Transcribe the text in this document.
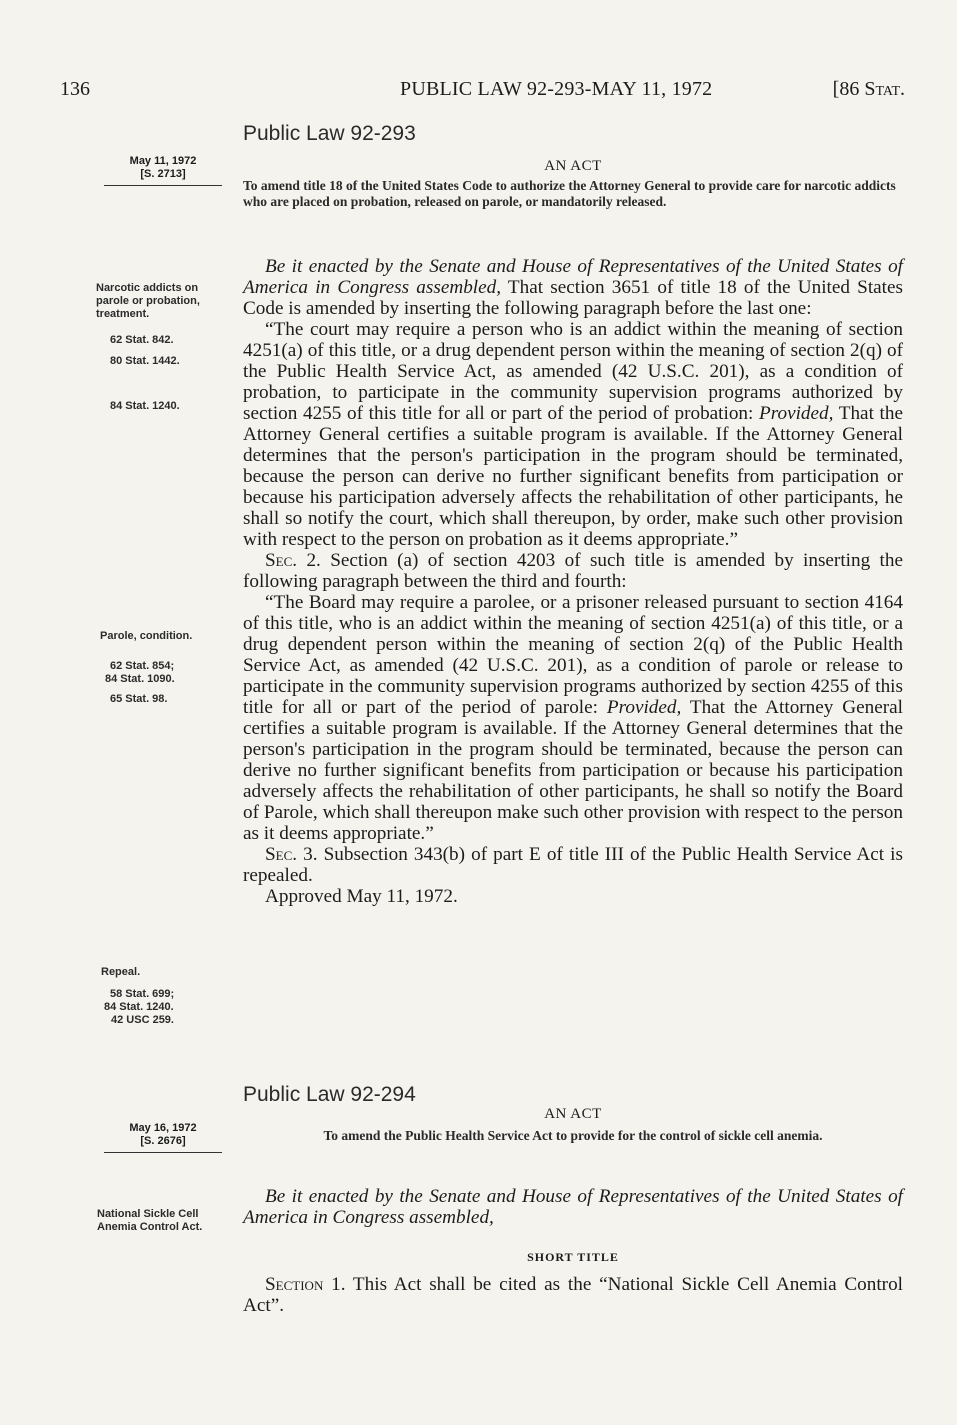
136	PUBLIC LAW 92-293-MAY 11, 1972	[86 Stat.
Public Law 92-293
May 11, 1972
[S. 2713]	AN ACT
To amend title 18 of the United States Code to authorize the Attorney General to provide care for narcotic addicts who are placed on probation, released on parole, or mandatorily released.
Narcotic addicts on parole or probation, treatment.
62 Stat. 842.
80 Stat. 1442.
84 Stat. 1240.
Parole, condition.
62 Stat. 854;
84 Stat. 1090.
65 Stat. 98.
Repeal.
58 Stat. 699;
84 Stat. 1240.
42 USC 259.

Be it enacted by the Senate and House of Representatives of the United States of America in Congress assembled, That section 3651 of title 18 of the United States Code is amended by inserting the following paragraph before the last one:

“The court may require a person who is an addict within the meaning of section 4251(a) of this title, or a drug dependent person within the meaning of section 2(q) of the Public Health Service Act, as amended (42 U.S.C. 201), as a condition of probation, to participate in the community supervision programs authorized by section 4255 of this title for all or part of the period of probation: Provided, That the Attorney General certifies a suitable program is available. If the Attorney General determines that the person's participation in the program should be terminated, because the person can derive no further significant benefits from participation or because his participation adversely affects the rehabilitation of other participants, he shall so notify the court, which shall thereupon, by order, make such other provision with respect to the person on probation as it deems appropriate.”

Sec. 2. Section (a) of section 4203 of such title is amended by inserting the following paragraph between the third and fourth:

“The Board may require a parolee, or a prisoner released pursuant to section 4164 of this title, who is an addict within the meaning of section 4251(a) of this title, or a drug dependent person within the meaning of section 2(q) of the Public Health Service Act, as amended (42 U.S.C. 201), as a condition of parole or release to participate in the community supervision programs authorized by section 4255 of this title for all or part of the period of parole: Provided, That the Attorney General certifies a suitable program is available. If the Attorney General determines that the person's participation in the program should be terminated, because the person can derive no further significant benefits from participation or because his participation adversely affects the rehabilitation of other participants, he shall so notify the Board of Parole, which shall thereupon make such other provision with respect to the person as it deems appropriate.”

Sec. 3. Subsection 343(b) of part E of title III of the Public Health Service Act is repealed.

Approved May 11, 1972.

Public Law 92-294
May 16, 1972
[S. 2676]
AN ACT
To amend the Public Health Service Act to provide for the control of sickle cell anemia.
National Sickle Cell Anemia Control Act.

Be it enacted by the Senate and House of Representatives of the United States of America in Congress assembled,

SHORT TITLE

Section 1. This Act shall be cited as the “National Sickle Cell Anemia Control Act”.
